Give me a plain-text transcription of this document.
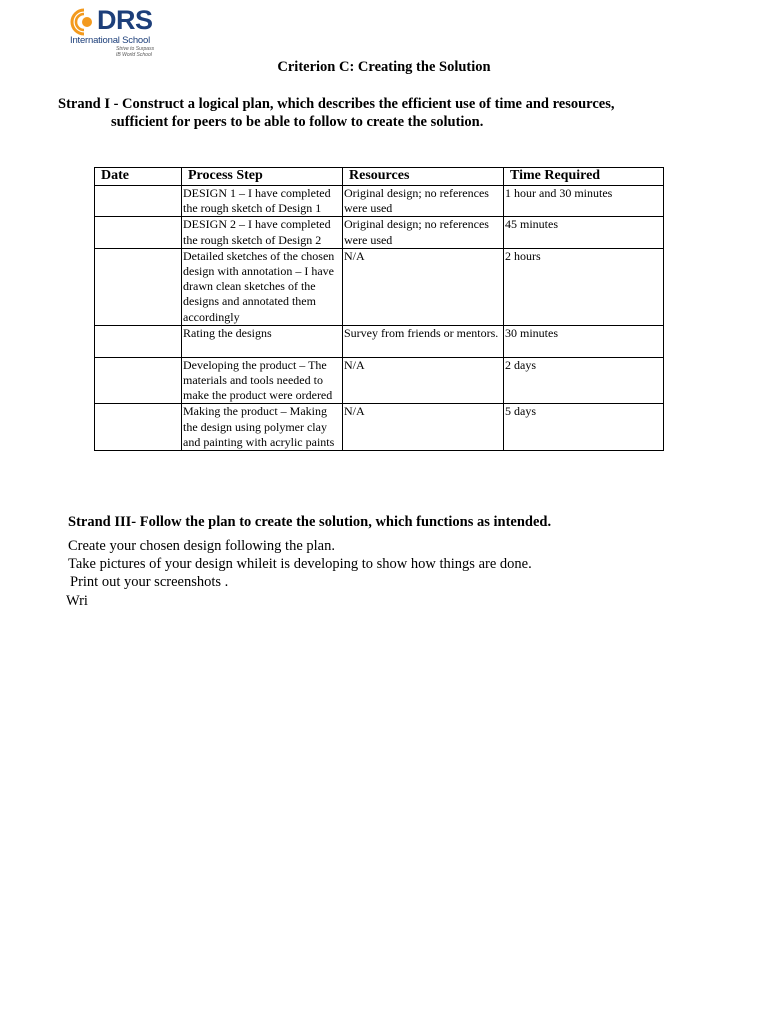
DRS
International School
Strive to Surpass
IB World School
Criterion C: Creating the Solution
Strand I - Construct a logical plan, which describes the efficient use of time and resources,
sufficient for peers to be able to follow to create the solution.
Date	Process Step	Resources	Time Required
	DESIGN 1 – I have completed the rough sketch of Design 1	Original design; no references were used	1 hour and 30 minutes
	DESIGN 2 – I have completed the rough sketch of Design 2	Original design; no references were used	45 minutes
	Detailed sketches of the chosen design with annotation – I have drawn clean sketches of the designs and annotated them accordingly	N/A	2 hours
	Rating the designs	Survey from friends or mentors.	30 minutes
	Developing the product – The materials and tools needed to make the product were ordered	N/A	2 days
	Making the product – Making the design using polymer clay and painting with acrylic paints	N/A	5 days
Strand III- Follow the plan to create the solution, which functions as intended.
Create your chosen design following the plan.
Take pictures of your design whileit is developing to show how things are done.
Print out your screenshots .
Wri
